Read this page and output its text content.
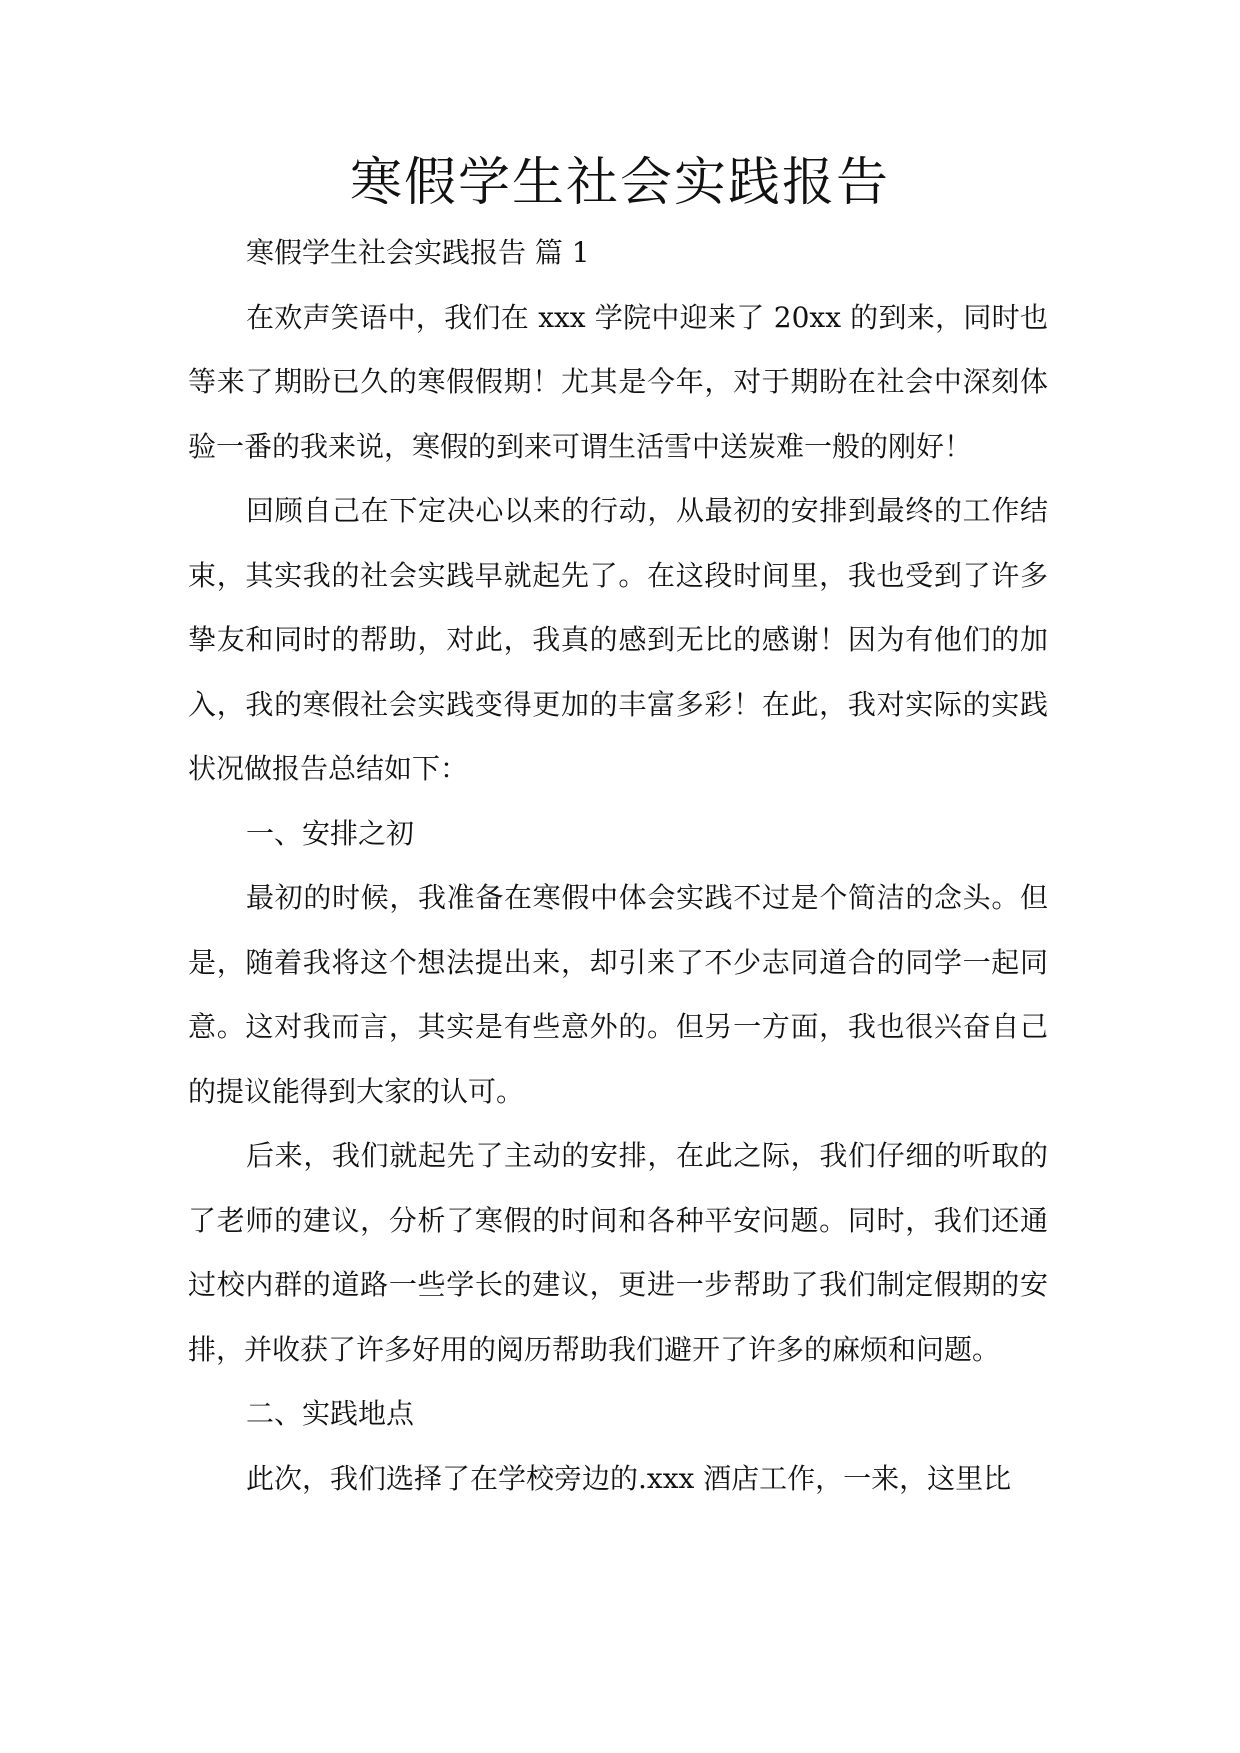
寒假学生社会实践报告

寒假学生社会实践报告 篇 1

在欢声笑语中，我们在 xxx 学院中迎来了 20xx 的到来，同时也等来了期盼已久的寒假假期！尤其是今年，对于期盼在社会中深刻体验一番的我来说，寒假的到来可谓生活雪中送炭难一般的刚好！

回顾自己在下定决心以来的行动，从最初的安排到最终的工作结束，其实我的社会实践早就起先了。在这段时间里，我也受到了许多挚友和同时的帮助，对此，我真的感到无比的感谢！因为有他们的加入，我的寒假社会实践变得更加的丰富多彩！在此，我对实际的实践状况做报告总结如下：

一、安排之初

最初的时候，我准备在寒假中体会实践不过是个简洁的念头。但是，随着我将这个想法提出来，却引来了不少志同道合的同学一起同意。这对我而言，其实是有些意外的。但另一方面，我也很兴奋自己的提议能得到大家的认可。

后来，我们就起先了主动的安排，在此之际，我们仔细的听取的了老师的建议，分析了寒假的时间和各种平安问题。同时，我们还通过校内群的道路一些学长的建议，更进一步帮助了我们制定假期的安排，并收获了许多好用的阅历帮助我们避开了许多的麻烦和问题。

二、实践地点

此次，我们选择了在学校旁边的.xxx 酒店工作，一来，这里比
